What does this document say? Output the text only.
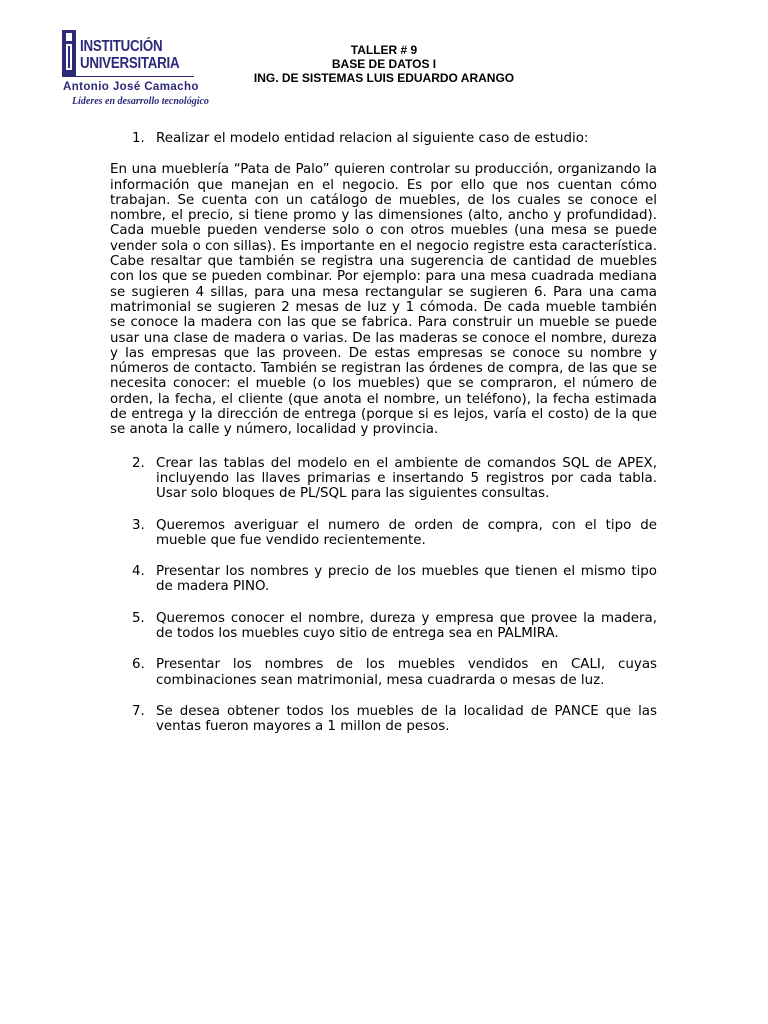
INSTITUCIÓN
UNIVERSITARIA
Antonio José Camacho
Líderes en desarrollo tecnológico
TALLER # 9
BASE DE DATOS I
ING. DE SISTEMAS LUIS EDUARDO ARANGO
1. Realizar el modelo entidad relacion al siguiente caso de estudio:

En una mueblería “Pata de Palo” quieren controlar su producción, organizando la información que manejan en el negocio. Es por ello que nos cuentan cómo trabajan. Se cuenta con un catálogo de muebles, de los cuales se conoce el nombre, el precio, si tiene promo y las dimensiones (alto, ancho y profundidad). Cada mueble pueden venderse solo o con otros muebles (una mesa se puede vender sola o con sillas). Es importante en el negocio registre esta característica. Cabe resaltar que también se registra una sugerencia de cantidad de muebles con los que se pueden combinar. Por ejemplo: para una mesa cuadrada mediana se sugieren 4 sillas, para una mesa rectangular se sugieren 6. Para una cama matrimonial se sugieren 2 mesas de luz y 1 cómoda. De cada mueble también se conoce la madera con las que se fabrica. Para construir un mueble se puede usar una clase de madera o varias. De las maderas se conoce el nombre, dureza y las empresas que las proveen. De estas empresas se conoce su nombre y números de contacto. También se registran las órdenes de compra, de las que se necesita conocer: el mueble (o los muebles) que se compraron, el número de orden, la fecha, el cliente (que anota el nombre, un teléfono), la fecha estimada de entrega y la dirección de entrega (porque si es lejos, varía el costo) de la que se anota la calle y número, localidad y provincia.

2. Crear las tablas del modelo en el ambiente de comandos SQL de APEX, incluyendo las llaves primarias e insertando 5 registros por cada tabla. Usar solo bloques de PL/SQL para las siguientes consultas.
3. Queremos averiguar el numero de orden de compra, con el tipo de mueble que fue vendido recientemente.
4. Presentar los nombres y precio de los muebles que tienen el mismo tipo de madera PINO.
5. Queremos conocer el nombre, dureza y empresa que provee la madera, de todos los muebles cuyo sitio de entrega sea en PALMIRA.
6. Presentar los nombres de los muebles vendidos en CALI, cuyas combinaciones sean matrimonial, mesa cuadrarda o mesas de luz.
7. Se desea obtener todos los muebles de la localidad de PANCE que las ventas fueron mayores a 1 millon de pesos.
